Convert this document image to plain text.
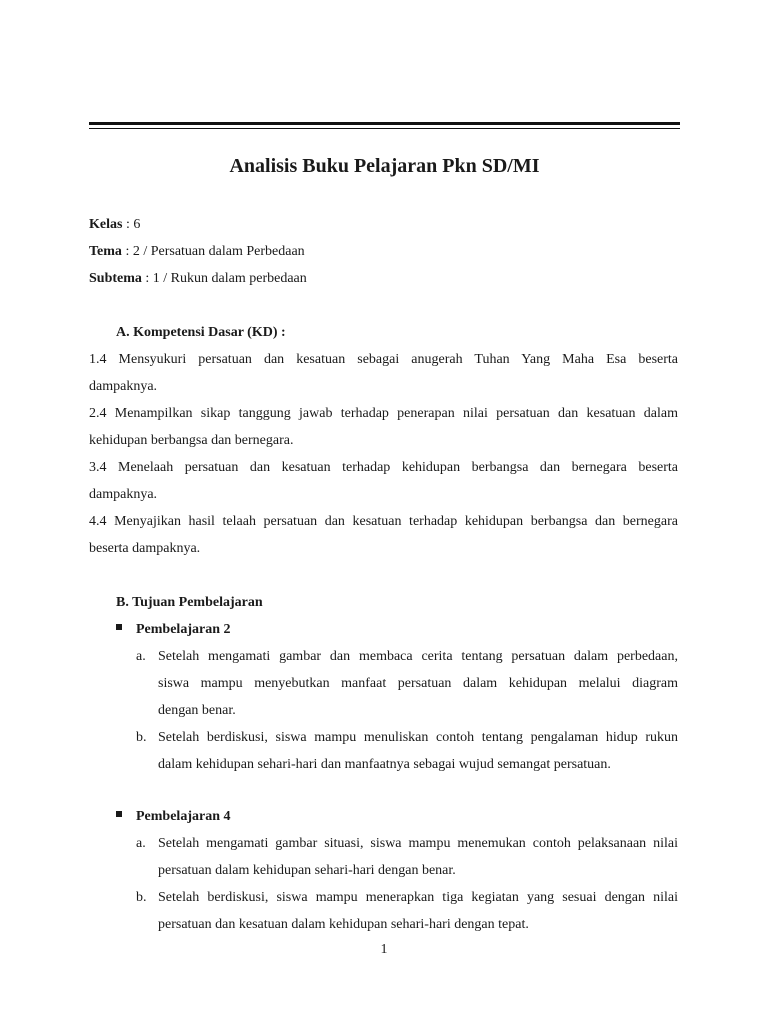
Analisis Buku Pelajaran Pkn SD/MI
Kelas : 6
Tema : 2 / Persatuan dalam Perbedaan
Subtema : 1 / Rukun dalam perbedaan
A. Kompetensi Dasar (KD) :
1.4 Mensyukuri persatuan dan kesatuan sebagai anugerah Tuhan Yang Maha Esa beserta
dampaknya.
2.4 Menampilkan sikap tanggung jawab terhadap penerapan nilai persatuan dan kesatuan dalam
kehidupan berbangsa dan bernegara.
3.4 Menelaah persatuan dan kesatuan terhadap kehidupan berbangsa dan bernegara beserta
dampaknya.
4.4 Menyajikan hasil telaah persatuan dan kesatuan terhadap kehidupan berbangsa dan bernegara
beserta dampaknya.
B. Tujuan Pembelajaran
Pembelajaran 2
a. Setelah mengamati gambar dan membaca cerita tentang persatuan dalam perbedaan,
siswa mampu menyebutkan manfaat persatuan dalam kehidupan melalui diagram
dengan benar.
b. Setelah berdiskusi, siswa mampu menuliskan contoh tentang pengalaman hidup rukun
dalam kehidupan sehari-hari dan manfaatnya sebagai wujud semangat persatuan.
Pembelajaran 4
a. Setelah mengamati gambar situasi, siswa mampu menemukan contoh pelaksanaan nilai
persatuan dalam kehidupan sehari-hari dengan benar.
b. Setelah berdiskusi, siswa mampu menerapkan tiga kegiatan yang sesuai dengan nilai
persatuan dan kesatuan dalam kehidupan sehari-hari dengan tepat.
1
